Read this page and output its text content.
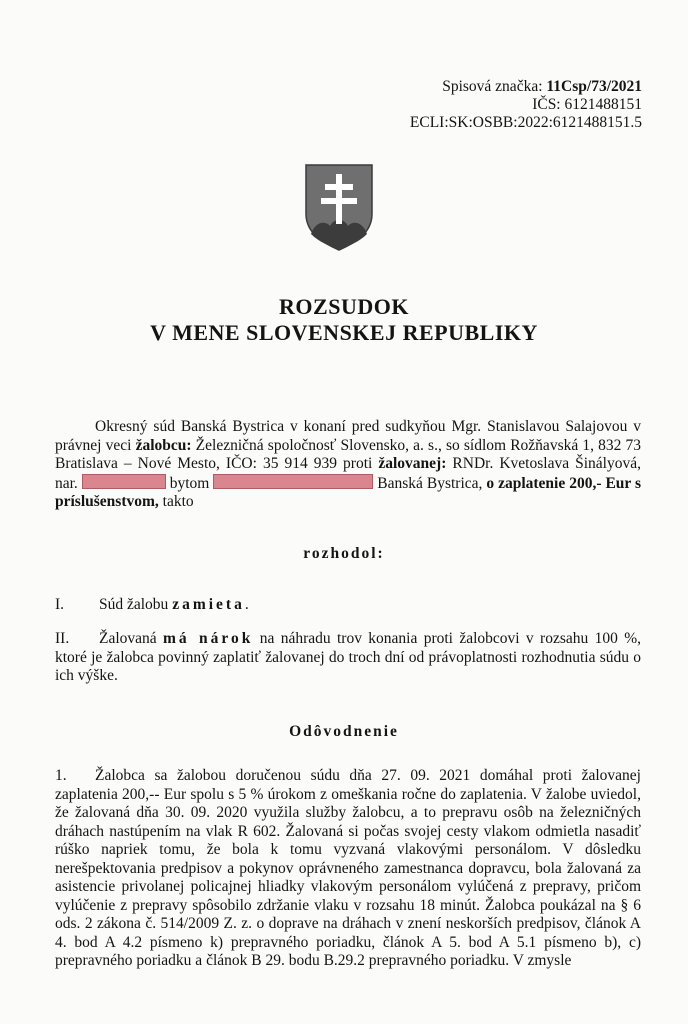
Spisová značka: 11Csp/73/2021
IČS: 6121488151
ECLI:SK:OSBB:2022:6121488151.5
ROZSUDOK
V MENE SLOVENSKEJ REPUBLIKY
Okresný súd Banská Bystrica v konaní pred sudkyňou Mgr. Stanislavou Salajovou v právnej veci žalobcu: Železničná spoločnosť Slovensko, a. s., so sídlom Rožňavská 1, 832 73 Bratislava – Nové Mesto, IČO: 35 914 939 proti žalovanej: RNDr. Kvetoslava Šinályová, nar.	bytom	Banská Bystrica, o zaplatenie 200,- Eur s príslušenstvom, takto
rozhodol:
I. Súd žalobu zamieta.
II.	Žalovaná má nárok na náhradu trov konania proti žalobcovi v rozsahu 100 %, ktoré je žalobca povinný zaplatiť žalovanej do troch dní od právoplatnosti rozhodnutia súdu o ich výške.
Odôvodnenie
1.	Žalobca sa žalobou doručenou súdu dňa 27. 09. 2021 domáhal proti žalovanej zaplatenia 200,-- Eur spolu s 5 % úrokom z omeškania ročne do zaplatenia. V žalobe uviedol, že žalovaná dňa 30. 09. 2020 využila služby žalobcu, a to prepravu osôb na železničných dráhach nastúpením na vlak R 602. Žalovaná si počas svojej cesty vlakom odmietla nasadiť rúško napriek tomu, že bola k tomu vyzvaná vlakovými personálom. V dôsledku nerešpektovania predpisov a pokynov oprávneného zamestnanca dopravcu, bola žalovaná za asistencie privolanej policajnej hliadky vlakovým personálom vylúčená z prepravy, pričom vylúčenie z prepravy spôsobilo zdržanie vlaku v rozsahu 18 minút. Žalobca poukázal na § 6 ods. 2 zákona č. 514/2009 Z. z. o doprave na dráhach v znení neskorších predpisov, článok A 4. bod A 4.2 písmeno k) prepravného poriadku, článok A 5. bod A 5.1 písmeno b), c) prepravného poriadku a článok B 29. bodu B.29.2 prepravného poriadku. V zmysle
